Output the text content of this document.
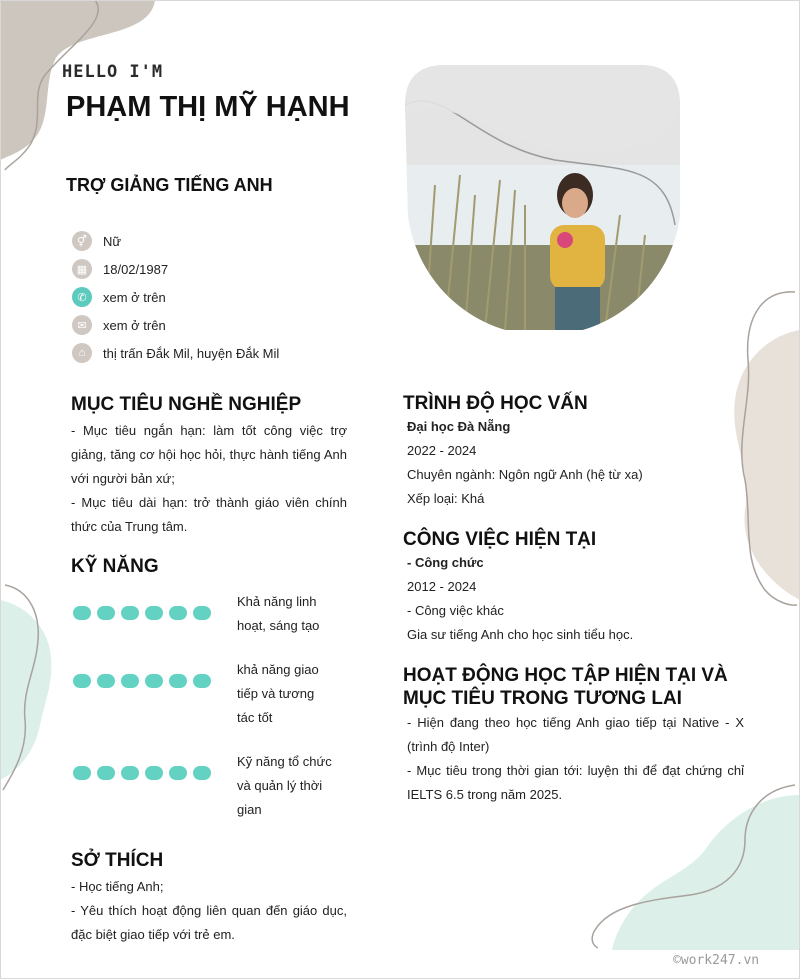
HELLO I'M
PHẠM THỊ MỸ HẠNH
TRỢ GIẢNG TIẾNG ANH
⚥	Nữ
▦	18/02/1987
✆	xem ở trên
✉	xem ở trên
⌂	thị trấn Đắk Mil, huyện Đắk Mil
MỤC TIÊU NGHỀ NGHIỆP
- Mục tiêu ngắn hạn: làm tốt công việc trợ giảng, tăng cơ hội học hỏi, thực hành tiếng Anh với người bản xứ;
- Mục tiêu dài hạn: trở thành giáo viên chính thức của Trung tâm.
KỸ NĂNG
Khả năng linh hoạt, sáng tạo
khả năng giao tiếp và tương tác tốt
Kỹ năng tổ chức và quản lý thời gian
SỞ THÍCH
- Học tiếng Anh;
- Yêu thích hoạt động liên quan đến giáo dục, đặc biệt giao tiếp với trẻ em.
TRÌNH ĐỘ HỌC VẤN
Đại học Đà Nẵng
2022 - 2024
Chuyên ngành: Ngôn ngữ Anh (hệ từ xa)
Xếp loại: Khá
CÔNG VIỆC HIỆN TẠI
- Công chức
2012 - 2024
- Công việc khác
Gia sư tiếng Anh cho học sinh tiểu học.
HOẠT ĐỘNG HỌC TẬP HIỆN TẠI VÀ MỤC TIÊU TRONG TƯƠNG LAI
- Hiện đang theo học tiếng Anh giao tiếp tại Native - X (trình độ Inter)
- Mục tiêu trong thời gian tới: luyện thi để đạt chứng chỉ IELTS 6.5 trong năm 2025.
©work247.vn
